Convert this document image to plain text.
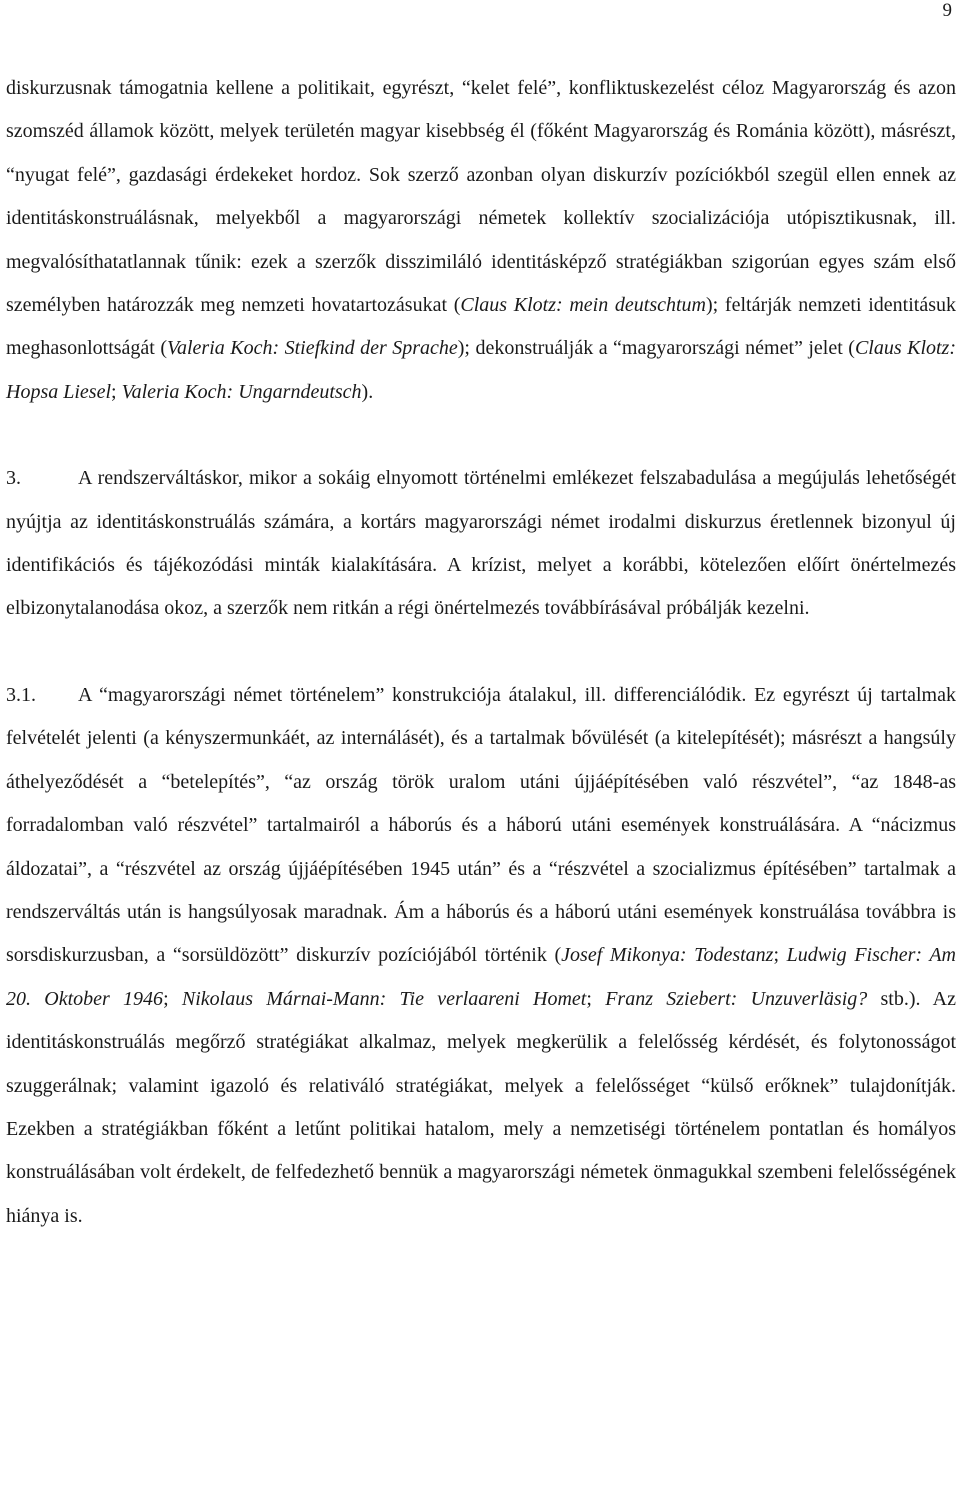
9

diskurzusnak támogatnia kellene a politikait, egyrészt, “kelet felé”, konfliktuskezelést céloz Magyarország és azon szomszéd államok között, melyek területén magyar kisebbség él (főként Magyarország és Románia között), másrészt, “nyugat felé”, gazdasági érdekeket hordoz. Sok szerző azonban olyan diskurzív pozíciókból szegül ellen ennek az identitáskonstruálásnak, melyekből a magyarországi németek kollektív szocializációja utópisztikusnak, ill. megvalósíthatatlannak tűnik: ezek a szerzők disszimiláló identitásképző stratégiákban szigorúan egyes szám első személyben határozzák meg nemzeti hovatartozásukat (Claus Klotz: mein deutschtum); feltárják nemzeti identitásuk meghasonlottságát (Valeria Koch: Stiefkind der Sprache); dekonstruálják a “magyarországi német” jelet (Claus Klotz: Hopsa Liesel; Valeria Koch: Ungarndeutsch).

3.	A rendszerváltáskor, mikor a sokáig elnyomott történelmi emlékezet felszabadulása a megújulás lehetőségét nyújtja az identitáskonstruálás számára, a kortárs magyarországi német irodalmi diskurzus éretlennek bizonyul új identifikációs és tájékozódási minták kialakítására. A krízist, melyet a korábbi, kötelezően előírt önértelmezés elbizonytalanodása okoz, a szerzők nem ritkán a régi önértelmezés továbbírásával próbálják kezelni.

3.1. A “magyarországi német történelem” konstrukciója átalakul, ill. differenciálódik. Ez egyrészt új tartalmak felvételét jelenti (a kényszermunkáét, az internálásét), és a tartalmak bővülését (a kitelepítését); másrészt a hangsúly áthelyeződését a “betelepítés”, “az ország török uralom utáni újjáépítésében való részvétel”, “az 1848-as forradalomban való részvétel” tartalmairól a háborús és a háború utáni események konstruálására. A “nácizmus áldozatai”, a “részvétel az ország újjáépítésében 1945 után” és a “részvétel a szocializmus építésében” tartalmak a rendszerváltás után is hangsúlyosak maradnak. Ám a háborús és a háború utáni események konstruálása továbbra is sorsdiskurzusban, a “sorsüldözött” diskurzív pozíciójából történik (Josef Mikonya: Todestanz; Ludwig Fischer: Am 20. Oktober 1946; Nikolaus Márnai-Mann: Tie verlaareni Homet; Franz Sziebert: Unzuverläsig? stb.). Az identitáskonstruálás megőrző stratégiákat alkalmaz, melyek megkerülik a felelősség kérdését, és folytonosságot szuggerálnak; valamint igazoló és relativáló stratégiákat, melyek a felelősséget “külső erőknek” tulajdonítják. Ezekben a stratégiákban főként a letűnt politikai hatalom, mely a nemzetiségi történelem pontatlan és homályos konstruálásában volt érdekelt, de felfedezhető bennük a magyarországi németek önmagukkal szembeni felelősségének hiánya is.
